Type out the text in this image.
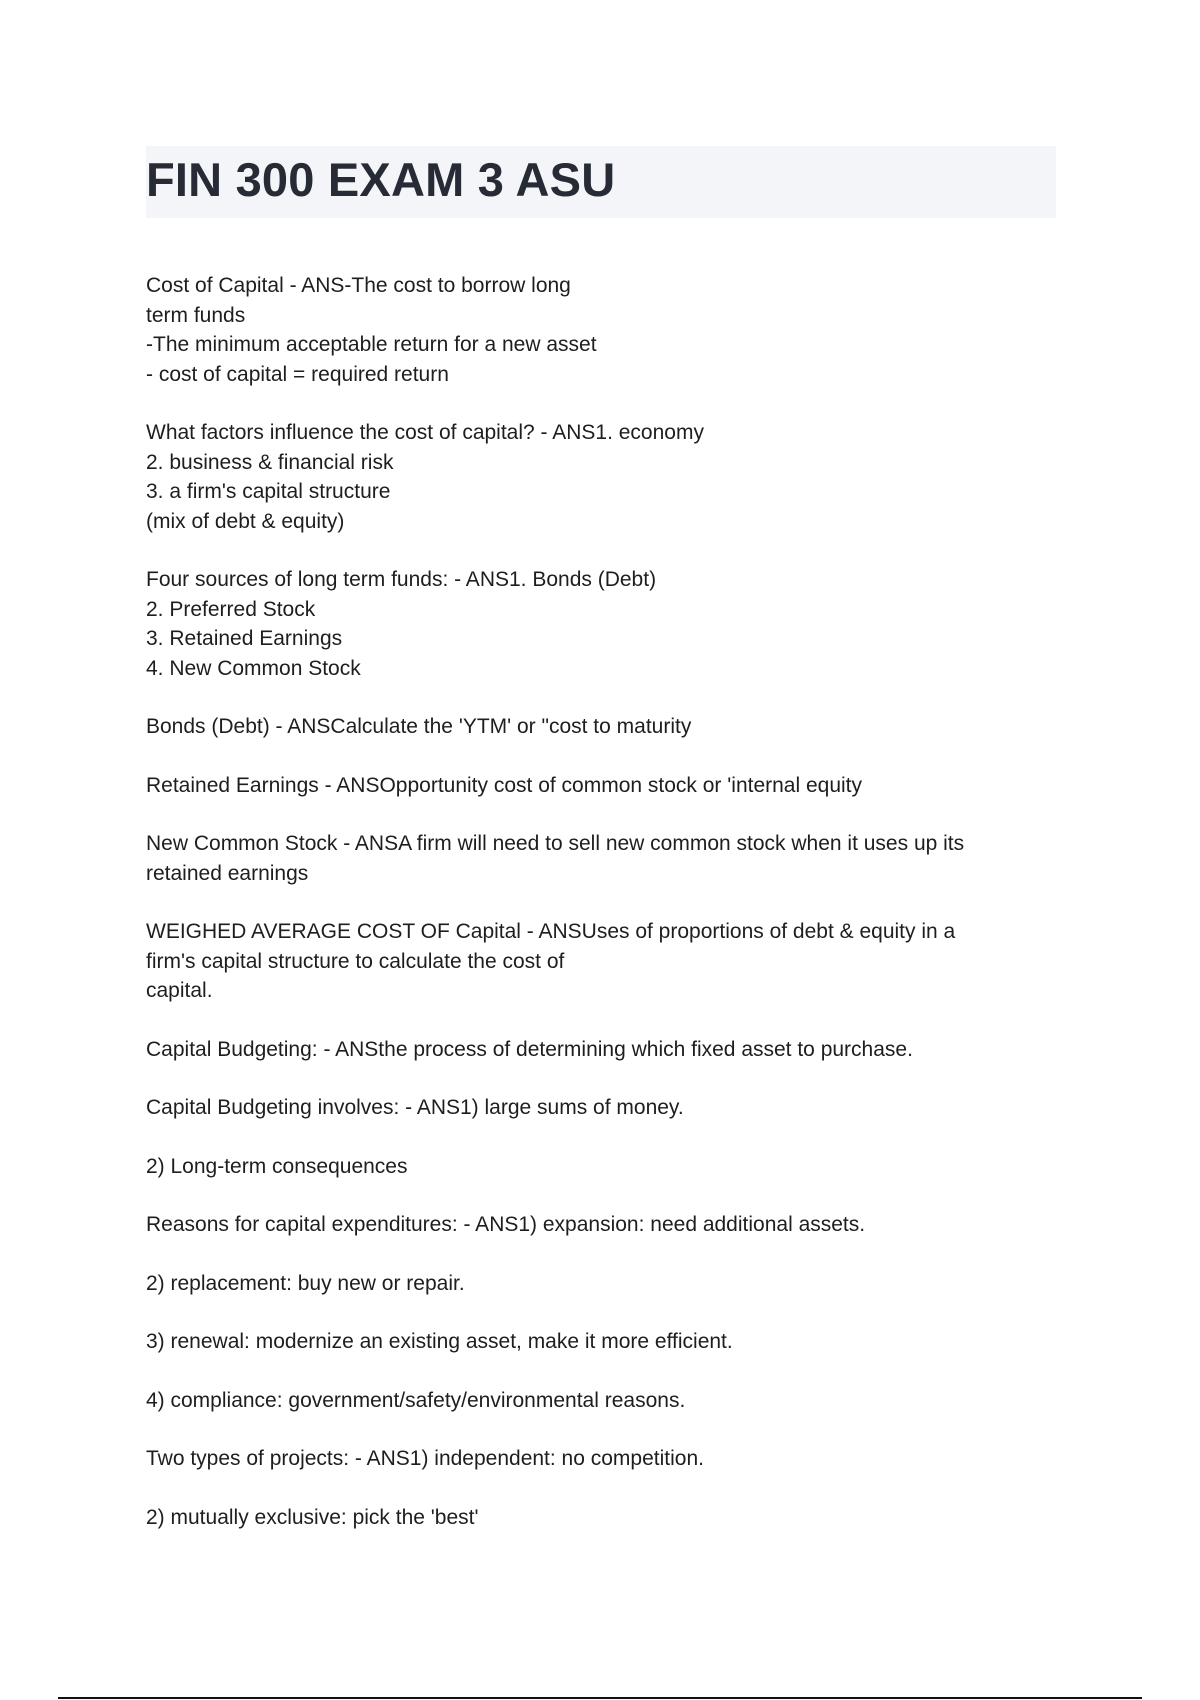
FIN 300 EXAM 3 ASU
Cost of Capital - ANS-The cost to borrow long
term funds
-The minimum acceptable return for a new asset
- cost of capital = required return
What factors influence the cost of capital? - ANS1. economy
2. business & financial risk
3. a firm's capital structure
(mix of debt & equity)
Four sources of long term funds: - ANS1. Bonds (Debt)
2. Preferred Stock
3. Retained Earnings
4. New Common Stock
Bonds (Debt) - ANSCalculate the 'YTM' or "cost to maturity
Retained Earnings - ANSOpportunity cost of common stock or 'internal equity
New Common Stock - ANSA firm will need to sell new common stock when it uses up its
retained earnings
WEIGHED AVERAGE COST OF Capital - ANSUses of proportions of debt & equity in a
firm's capital structure to calculate the cost of
capital.
Capital Budgeting: - ANSthe process of determining which fixed asset to purchase.
Capital Budgeting involves: - ANS1) large sums of money.
2) Long-term consequences
Reasons for capital expenditures: - ANS1) expansion: need additional assets.
2) replacement: buy new or repair.
3) renewal: modernize an existing asset, make it more efficient.
4) compliance: government/safety/environmental reasons.
Two types of projects: - ANS1) independent: no competition.
2) mutually exclusive: pick the 'best'
